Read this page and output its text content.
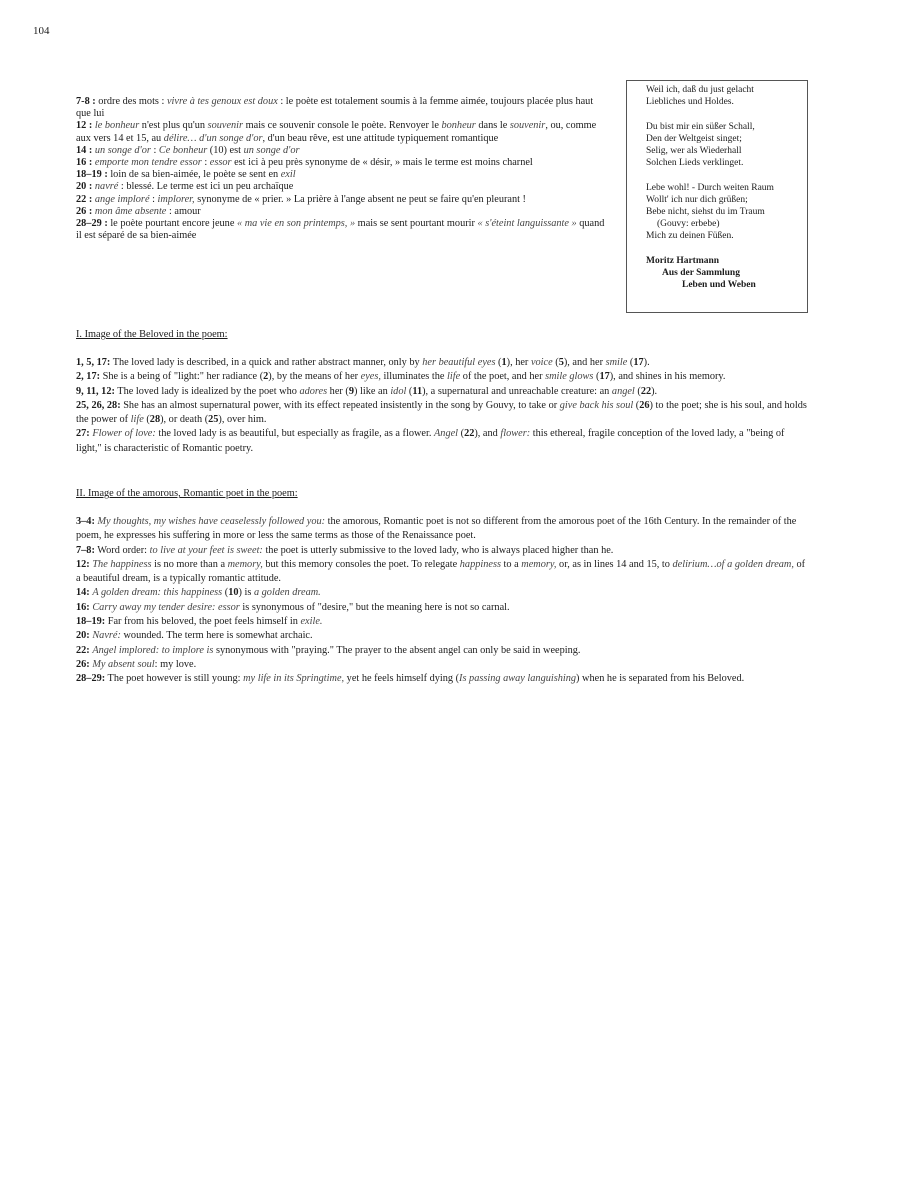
104
Weil ich, daß du just gelacht
Liebliches und Holdes.
Du bist mir ein süßer Schall,
Den der Weltgeist singet;
Selig, wer als Wiederhall
Solchen Lieds verklinget.
Lebe wohl! - Durch weiten Raum
Wollt' ich nur dich grüßen;
Bebe nicht, siehst du im Traum
(Gouvy: erbebe)
Mich zu deinen Füßen.
Moritz Hartmann
Aus der Sammlung
Leben und Weben

7-8 : ordre des mots : vivre à tes genoux est doux : le poète est totalement soumis à la femme aimée, toujours placée plus haut que lui

12 : le bonheur n'est plus qu'un souvenir mais ce souvenir console le poète. Renvoyer le bonheur dans le souvenir, ou, comme aux vers 14 et 15, au délire… d'un songe d'or, d'un beau rêve, est une attitude typiquement romantique

14 : un songe d'or : Ce bonheur (10) est un songe d'or

16 : emporte mon tendre essor : essor est ici à peu près synonyme de « désir, » mais le terme est moins charnel

18–19 : loin de sa bien-aimée, le poète se sent en exil

20 : navré : blessé. Le terme est ici un peu archaïque

22 : ange imploré : implorer, synonyme de « prier. » La prière à l'ange absent ne peut se faire qu'en pleurant !

26 : mon âme absente : amour

28–29 : le poète pourtant encore jeune « ma vie en son printemps, » mais se sent pourtant mourir « s'éteint languissante » quand il est séparé de sa bien-aimée

I. Image of the Beloved in the poem:

1, 5, 17: The loved lady is described, in a quick and rather abstract manner, only by her beautiful eyes (1), her voice (5), and her smile (17).

2, 17: She is a being of "light:" her radiance (2), by the means of her eyes, illuminates the life of the poet, and her smile glows (17), and shines in his memory.

9, 11, 12: The loved lady is idealized by the poet who adores her (9) like an idol (11), a supernatural and unreachable creature: an angel (22).

25, 26, 28: She has an almost supernatural power, with its effect repeated insistently in the song by Gouvy, to take or give back his soul (26) to the poet; she is his soul, and holds the power of life (28), or death (25), over him.

27: Flower of love: the loved lady is as beautiful, but especially as fragile, as a flower. Angel (22), and flower: this ethereal, fragile conception of the loved lady, a "being of light," is characteristic of Romantic poetry.

II. Image of the amorous, Romantic poet in the poem:

3–4: My thoughts, my wishes have ceaselessly followed you: the amorous, Romantic poet is not so different from the amorous poet of the 16th Century. In the remainder of the poem, he expresses his suffering in more or less the same terms as those of the Renaissance poet.

7–8: Word order: to live at your feet is sweet: the poet is utterly submissive to the loved lady, who is always placed higher than he.

12: The happiness is no more than a memory, but this memory consoles the poet. To relegate happiness to a memory, or, as in lines 14 and 15, to delirium…of a golden dream, of a beautiful dream, is a typically romantic attitude.

14: A golden dream: this happiness (10) is a golden dream.

16: Carry away my tender desire: essor is synonymous of "desire," but the meaning here is not so carnal.

18–19: Far from his beloved, the poet feels himself in exile.

20: Navré: wounded. The term here is somewhat archaic.

22: Angel implored: to implore is synonymous with "praying." The prayer to the absent angel can only be said in weeping.

26: My absent soul: my love.

28–29: The poet however is still young: my life in its Springtime, yet he feels himself dying (Is passing away languishing) when he is separated from his Beloved.
